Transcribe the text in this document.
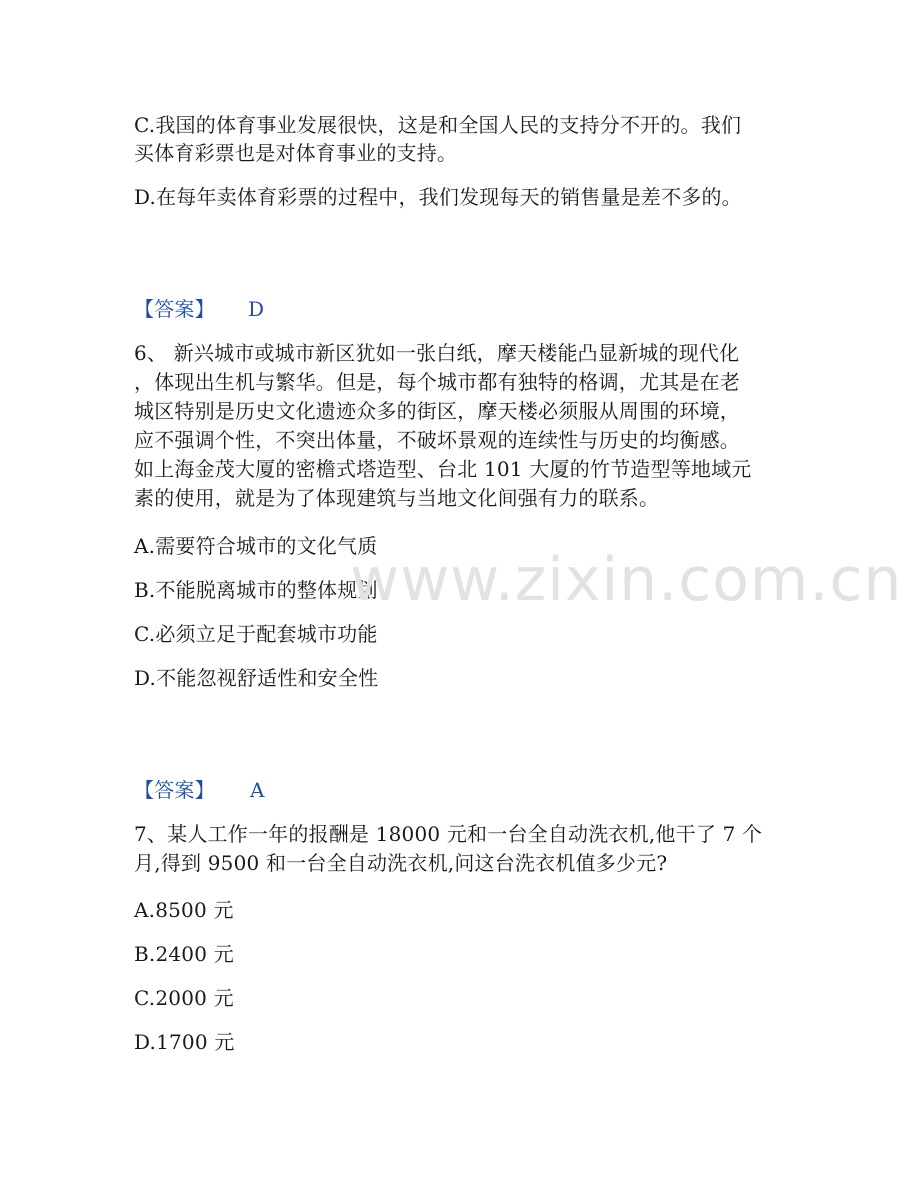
C.我国的体育事业发展很快，这是和全国人民的支持分不开的。我们
买体育彩票也是对体育事业的支持。
D.在每年卖体育彩票的过程中，我们发现每天的销售量是差不多的。
【答案】 D
6、 新兴城市或城市新区犹如一张白纸，摩天楼能凸显新城的现代化
，体现出生机与繁华。但是，每个城市都有独特的格调，尤其是在老
城区特别是历史文化遗迹众多的街区，摩天楼必须服从周围的环境，
应不强调个性，不突出体量，不破坏景观的连续性与历史的均衡感。
如上海金茂大厦的密檐式塔造型、台北 101 大厦的竹节造型等地域元
素的使用，就是为了体现建筑与当地文化间强有力的联系。
A.需要符合城市的文化气质
B.不能脱离城市的整体规划
C.必须立足于配套城市功能
D.不能忽视舒适性和安全性
【答案】 A
7、某人工作一年的报酬是 18000 元和一台全自动洗衣机,他干了 7 个
月,得到 9500 和一台全自动洗衣机,问这台洗衣机值多少元?
A.8500 元
B.2400 元
C.2000 元
D.1700 元
www.zixin.com.cn
